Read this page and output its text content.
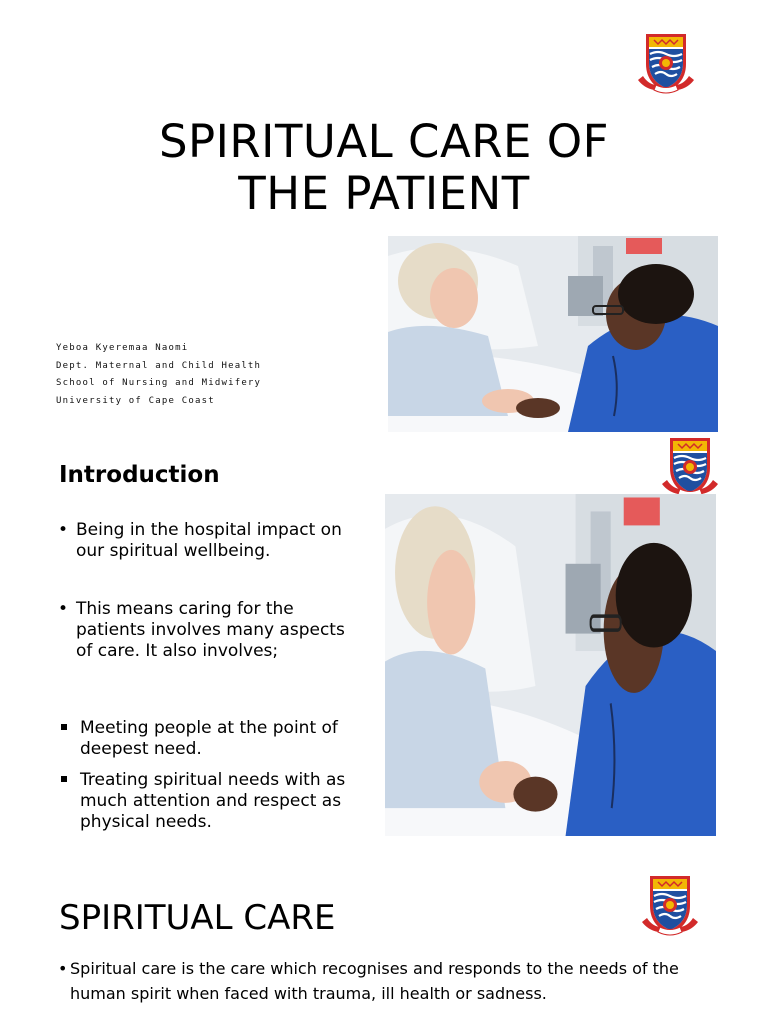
SPIRITUAL CARE OF THE PATIENT
Yeboa Kyeremaa Naomi
Dept. Maternal and Child Health
School of Nursing and Midwifery
University of Cape Coast
Introduction
• Being in the hospital impact on our spiritual wellbeing.
• This means caring for the patients involves many aspects of care. It also involves;
Meeting people at the point of deepest need.
Treating spiritual needs with as much attention and respect as physical needs.
SPIRITUAL CARE
• Spiritual care is the care which recognises and responds to the needs of the human spirit when faced with trauma, ill health or sadness.
